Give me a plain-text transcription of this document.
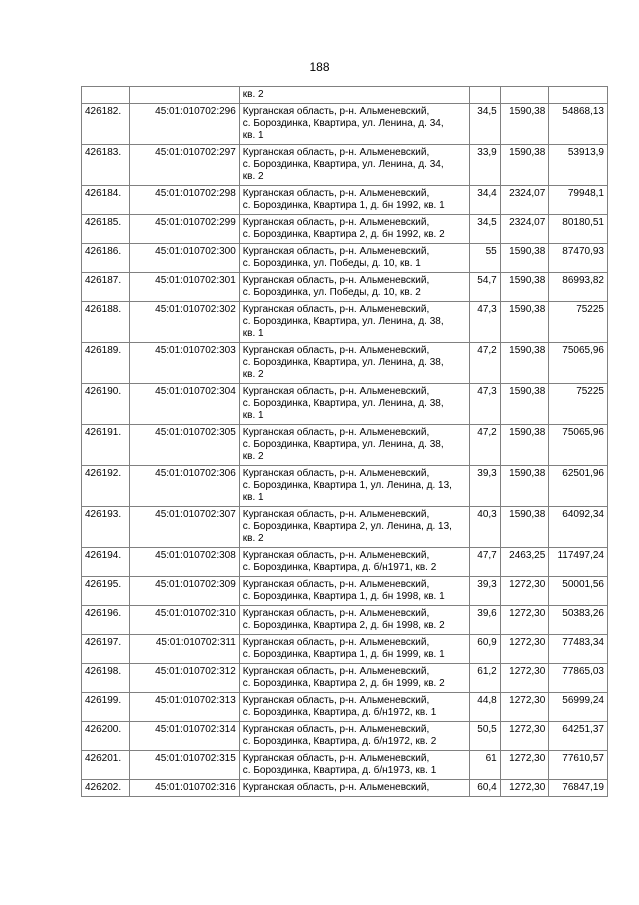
188
		кв. 2			
426182.	45:01:010702:296	Курганская область, р-н. Альменевский,
с. Бороздинка, Квартира, ул. Ленина, д. 34,
кв. 1	34,5	1590,38	54868,13
426183.	45:01:010702:297	Курганская область, р-н. Альменевский,
с. Бороздинка, Квартира, ул. Ленина, д. 34,
кв. 2	33,9	1590,38	53913,9
426184.	45:01:010702:298	Курганская область, р-н. Альменевский,
с. Бороздинка, Квартира 1, д. бн 1992, кв. 1	34,4	2324,07	79948,1
426185.	45:01:010702:299	Курганская область, р-н. Альменевский,
с. Бороздинка, Квартира 2, д. бн 1992, кв. 2	34,5	2324,07	80180,51
426186.	45:01:010702:300	Курганская область, р-н. Альменевский,
с. Бороздинка, ул. Победы, д. 10, кв. 1	55	1590,38	87470,93
426187.	45:01:010702:301	Курганская область, р-н. Альменевский,
с. Бороздинка, ул. Победы, д. 10, кв. 2	54,7	1590,38	86993,82
426188.	45:01:010702:302	Курганская область, р-н. Альменевский,
с. Бороздинка, Квартира, ул. Ленина, д. 38,
кв. 1	47,3	1590,38	75225
426189.	45:01:010702:303	Курганская область, р-н. Альменевский,
с. Бороздинка, Квартира, ул. Ленина, д. 38,
кв. 2	47,2	1590,38	75065,96
426190.	45:01:010702:304	Курганская область, р-н. Альменевский,
с. Бороздинка, Квартира, ул. Ленина, д. 38,
кв. 1	47,3	1590,38	75225
426191.	45:01:010702:305	Курганская область, р-н. Альменевский,
с. Бороздинка, Квартира, ул. Ленина, д. 38,
кв. 2	47,2	1590,38	75065,96
426192.	45:01:010702:306	Курганская область, р-н. Альменевский,
с. Бороздинка, Квартира 1, ул. Ленина, д. 13,
кв. 1	39,3	1590,38	62501,96
426193.	45:01:010702:307	Курганская область, р-н. Альменевский,
с. Бороздинка, Квартира 2, ул. Ленина, д. 13,
кв. 2	40,3	1590,38	64092,34
426194.	45:01:010702:308	Курганская область, р-н. Альменевский,
с. Бороздинка, Квартира, д. б/н1971, кв. 2	47,7	2463,25	117497,24
426195.	45:01:010702:309	Курганская область, р-н. Альменевский,
с. Бороздинка, Квартира 1, д. бн 1998, кв. 1	39,3	1272,30	50001,56
426196.	45:01:010702:310	Курганская область, р-н. Альменевский,
с. Бороздинка, Квартира 2, д. бн 1998, кв. 2	39,6	1272,30	50383,26
426197.	45:01:010702:311	Курганская область, р-н. Альменевский,
с. Бороздинка, Квартира 1, д. бн 1999, кв. 1	60,9	1272,30	77483,34
426198.	45:01:010702:312	Курганская область, р-н. Альменевский,
с. Бороздинка, Квартира 2, д. бн 1999, кв. 2	61,2	1272,30	77865,03
426199.	45:01:010702:313	Курганская область, р-н. Альменевский,
с. Бороздинка, Квартира, д. б/н1972, кв. 1	44,8	1272,30	56999,24
426200.	45:01:010702:314	Курганская область, р-н. Альменевский,
с. Бороздинка, Квартира, д. б/н1972, кв. 2	50,5	1272,30	64251,37
426201.	45:01:010702:315	Курганская область, р-н. Альменевский,
с. Бороздинка, Квартира, д. б/н1973, кв. 1	61	1272,30	77610,57
426202.	45:01:010702:316	Курганская область, р-н. Альменевский,	60,4	1272,30	76847,19
